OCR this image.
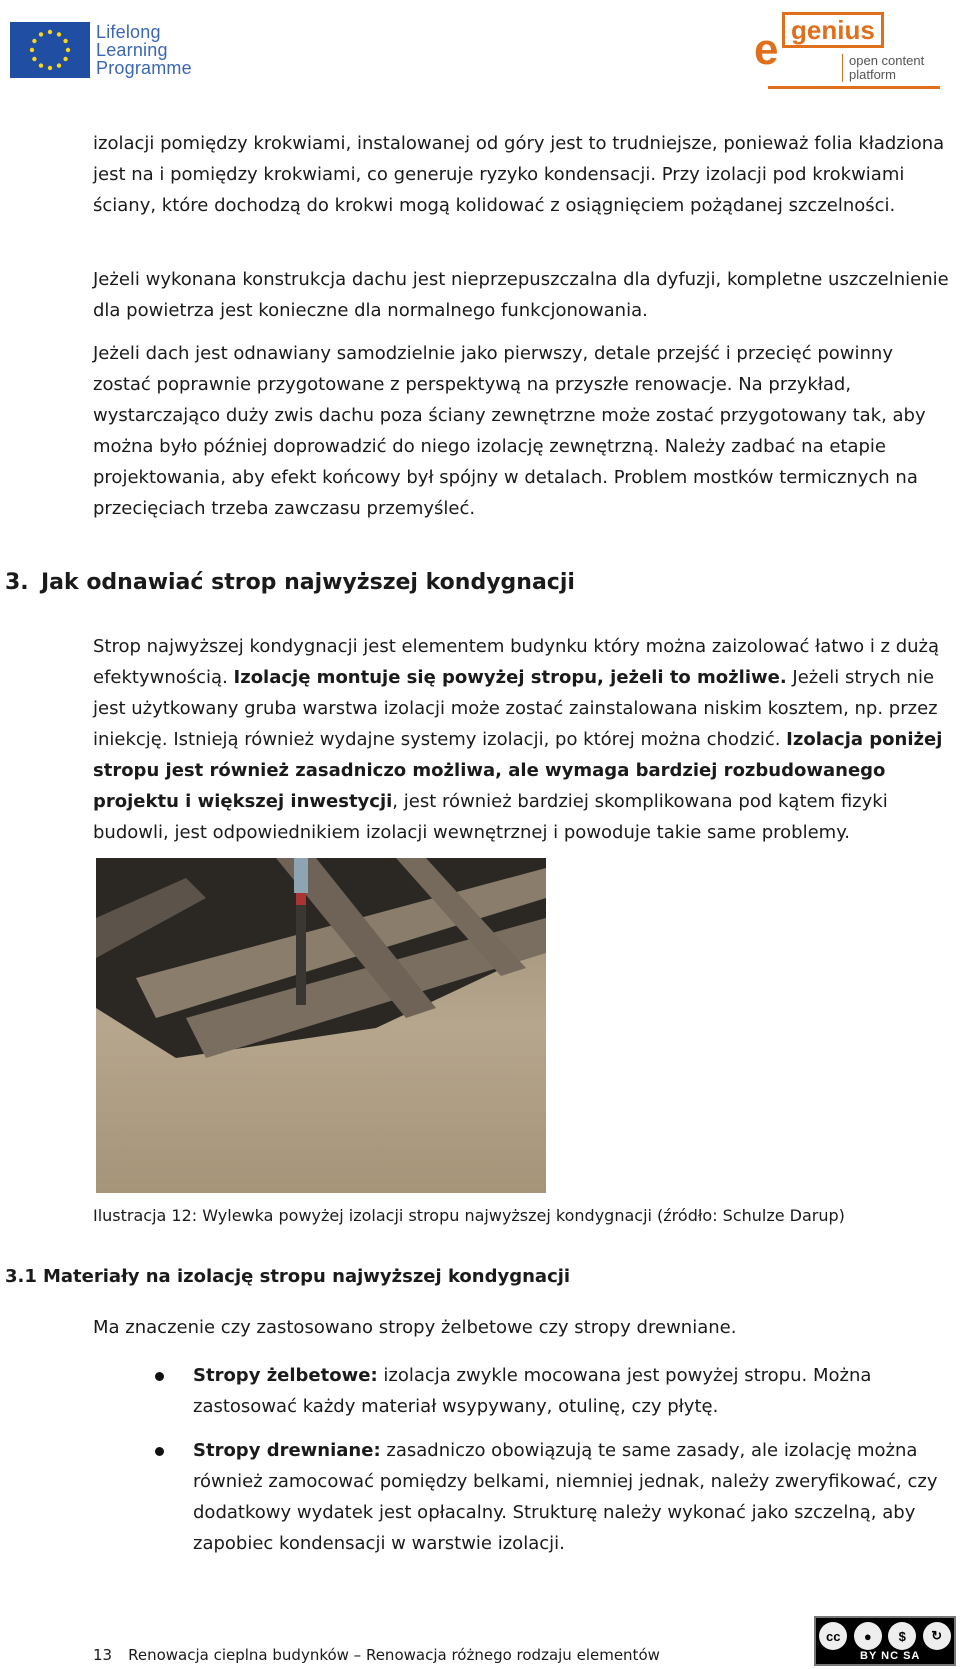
Lifelong
Learning
Programme	e genius
open content
platform

izolacji pomiędzy krokwiami, instalowanej od góry jest to trudniejsze, ponieważ folia kładziona jest na i pomiędzy krokwiami, co generuje ryzyko kondensacji. Przy izolacji pod krokwiami ściany, które dochodzą do krokwi mogą kolidować z osiągnięciem pożądanej szczelności.

Jeżeli wykonana konstrukcja dachu jest nieprzepuszczalna dla dyfuzji, kompletne uszczelnienie dla powietrza jest konieczne dla normalnego funkcjonowania.

Jeżeli dach jest odnawiany samodzielnie jako pierwszy, detale przejść i przecięć powinny zostać poprawnie przygotowane z perspektywą na przyszłe renowacje. Na przykład, wystarczająco duży zwis dachu poza ściany zewnętrzne może zostać przygotowany tak, aby można było później doprowadzić do niego izolację zewnętrzną. Należy zadbać na etapie projektowania, aby efekt końcowy był spójny w detalach. Problem mostków termicznych na przecięciach trzeba zawczasu przemyśleć.

3. Jak odnawiać strop najwyższej kondygnacji

Strop najwyższej kondygnacji jest elementem budynku który można zaizolować łatwo i z dużą efektywnością. Izolację montuje się powyżej stropu, jeżeli to możliwe. Jeżeli strych nie jest użytkowany gruba warstwa izolacji może zostać zainstalowana niskim kosztem, np. przez iniekcję. Istnieją również wydajne systemy izolacji, po której można chodzić. Izolacja poniżej stropu jest również zasadniczo możliwa, ale wymaga bardziej rozbudowanego projektu i większej inwestycji, jest również bardziej skomplikowana pod kątem fizyki budowli, jest odpowiednikiem izolacji wewnętrznej i powoduje takie same problemy.

Ilustracja 12: Wylewka powyżej izolacji stropu najwyższej kondygnacji (źródło: Schulze Darup)
3.1 Materiały na izolację stropu najwyższej kondygnacji

Ma znaczenie czy zastosowano stropy żelbetowe czy stropy drewniane.

Stropy żelbetowe: izolacja zwykle mocowana jest powyżej stropu. Można zastosować każdy materiał wsypywany, otulinę, czy płytę.
Stropy drewniane: zasadniczo obowiązują te same zasady, ale izolację można również zamocować pomiędzy belkami, niemniej jednak, należy zweryfikować, czy dodatkowy wydatek jest opłacalny. Strukturę należy wykonać jako szczelną, aby zapobiec kondensacji w warstwie izolacji.
13 Renowacja cieplna budynków – Renowacja różnego rodzaju elementów
cc	●	$	↻
BY NC SA
